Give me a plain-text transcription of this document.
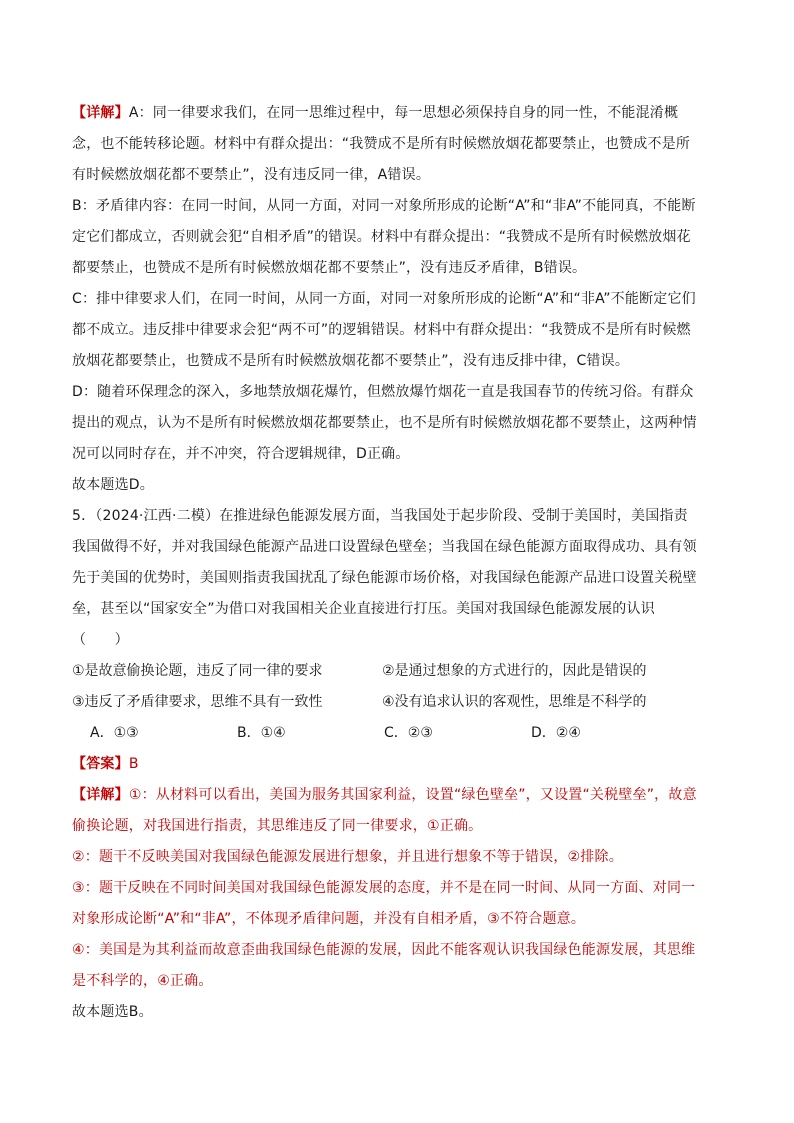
【详解】A：同一律要求我们，在同一思维过程中，每一思想必须保持自身的同一性，不能混淆概念，也不能转移论题。材料中有群众提出：“我赞成不是所有时候燃放烟花都要禁止，也赞成不是所有时候燃放烟花都不要禁止”，没有违反同一律，A错误。

B：矛盾律内容：在同一时间，从同一方面，对同一对象所形成的论断“A”和“非A”不能同真，不能断定它们都成立，否则就会犯“自相矛盾”的错误。材料中有群众提出：“我赞成不是所有时候燃放烟花都要禁止，也赞成不是所有时候燃放烟花都不要禁止”，没有违反矛盾律，B错误。

C：排中律要求人们，在同一时间，从同一方面，对同一对象所形成的论断“A”和“非A”不能断定它们都不成立。违反排中律要求会犯“两不可”的逻辑错误。材料中有群众提出：“我赞成不是所有时候燃放烟花都要禁止，也赞成不是所有时候燃放烟花都不要禁止”，没有违反排中律，C错误。

D：随着环保理念的深入，多地禁放烟花爆竹，但燃放爆竹烟花一直是我国春节的传统习俗。有群众提出的观点，认为不是所有时候燃放烟花都要禁止，也不是所有时候燃放烟花都不要禁止，这两种情况可以同时存在，并不冲突，符合逻辑规律，D正确。

故本题选D。

5．（2024·江西·二模）在推进绿色能源发展方面，当我国处于起步阶段、受制于美国时，美国指责我国做得不好，并对我国绿色能源产品进口设置绿色壁垒；当我国在绿色能源方面取得成功、具有领先于美国的优势时，美国则指责我国扰乱了绿色能源市场价格，对我国绿色能源产品进口设置关税壁垒，甚至以“国家安全”为借口对我国相关企业直接进行打压。美国对我国绿色能源发展的认识（　　）

①是故意偷换论题，违反了同一律的要求	②是通过想象的方式进行的，因此是错误的
③违反了矛盾律要求，思维不具有一致性	④没有追求认识的客观性，思维是不科学的
A．①③	B．①④	C．②③	D．②④

【答案】B

【详解】①：从材料可以看出，美国为服务其国家利益，设置“绿色壁垒”，又设置“关税壁垒”，故意偷换论题，对我国进行指责，其思维违反了同一律要求，①正确。

②：题干不反映美国对我国绿色能源发展进行想象，并且进行想象不等于错误，②排除。

③：题干反映在不同时间美国对我国绿色能源发展的态度，并不是在同一时间、从同一方面、对同一对象形成论断“A”和“非A”，不体现矛盾律问题，并没有自相矛盾，③不符合题意。

④：美国是为其利益而故意歪曲我国绿色能源的发展，因此不能客观认识我国绿色能源发展，其思维是不科学的，④正确。

故本题选B。
